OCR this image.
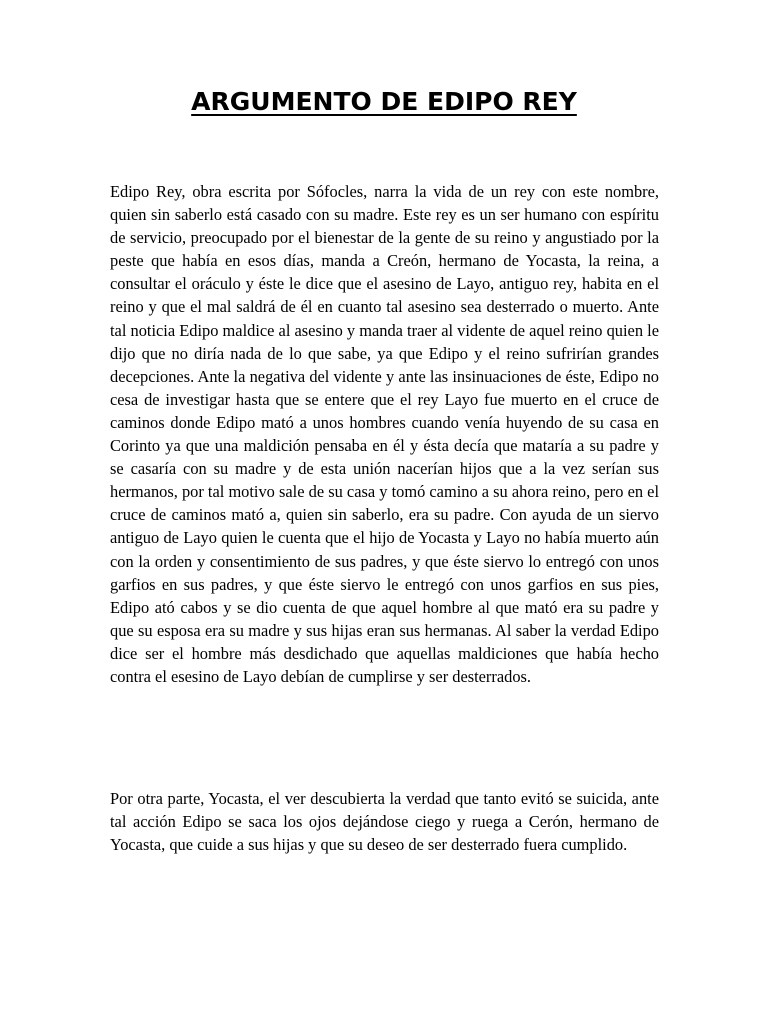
ARGUMENTO DE EDIPO REY

Edipo Rey, obra escrita por Sófocles, narra la vida de un rey con este nombre, quien sin saberlo está casado con su madre. Este rey es un ser humano con espíritu de servicio, preocupado por el bienestar de la gente de su reino y angustiado por la peste que había en esos días, manda a Creón, hermano de Yocasta, la reina, a consultar el oráculo y éste le dice que el asesino de Layo, antiguo rey, habita en el reino y que el mal saldrá de él en cuanto tal asesino sea desterrado o muerto. Ante tal noticia Edipo maldice al asesino y manda traer al vidente de aquel reino quien le dijo que no diría nada de lo que sabe, ya que Edipo y el reino sufrirían grandes decepciones. Ante la negativa del vidente y ante las insinuaciones de éste, Edipo no cesa de investigar hasta que se entere que el rey Layo fue muerto en el cruce de caminos donde Edipo mató a unos hombres cuando venía huyendo de su casa en Corinto ya que una maldición pensaba en él y ésta decía que mataría a su padre y se casaría con su madre y de esta unión nacerían hijos que a la vez serían sus hermanos, por tal motivo sale de su casa y tomó camino a su ahora reino, pero en el cruce de caminos mató a, quien sin saberlo, era su padre. Con ayuda de un siervo antiguo de Layo quien le cuenta que el hijo de Yocasta y Layo no había muerto aún con la orden y consentimiento de sus padres, y que éste siervo lo entregó con unos garfios en sus padres, y que éste siervo le entregó con unos garfios en sus pies, Edipo ató cabos y se dio cuenta de que aquel hombre al que mató era su padre y que su esposa era su madre y sus hijas eran sus hermanas. Al saber la verdad Edipo dice ser el hombre más desdichado que aquellas maldiciones que había hecho contra el esesino de Layo debían de cumplirse y ser desterrados.

Por otra parte, Yocasta, el ver descubierta la verdad que tanto evitó se suicida, ante tal acción Edipo se saca los ojos dejándose ciego y ruega a Cerón, hermano de Yocasta, que cuide a sus hijas y que su deseo de ser desterrado fuera cumplido.
